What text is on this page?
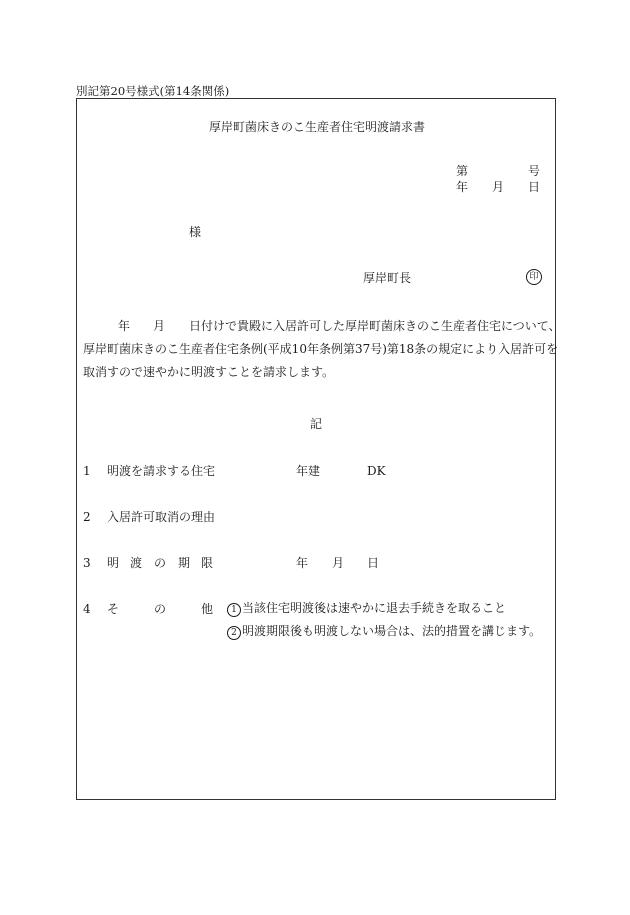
別記第20号様式(第14条関係)
厚岸町菌床きのこ生産者住宅明渡請求書
第	号
年 月 日
様
厚岸町長	印
年 月 日付けで貴殿に入居許可した厚岸町菌床きのこ生産者住宅について、
厚岸町菌床きのこ生産者住宅条例(平成10年条例第37号)第18条の規定により入居許可を
取消すので速やかに明渡すことを請求します。
記
1 明渡を請求する住宅	年建	DK
2 入居許可取消の理由
3 明 渡 の 期 限	年 月 日
4 そ	の	他	1 当該住宅明渡後は速やかに退去手続きを取ること
2 明渡期限後も明渡しない場合は、法的措置を講じます。
